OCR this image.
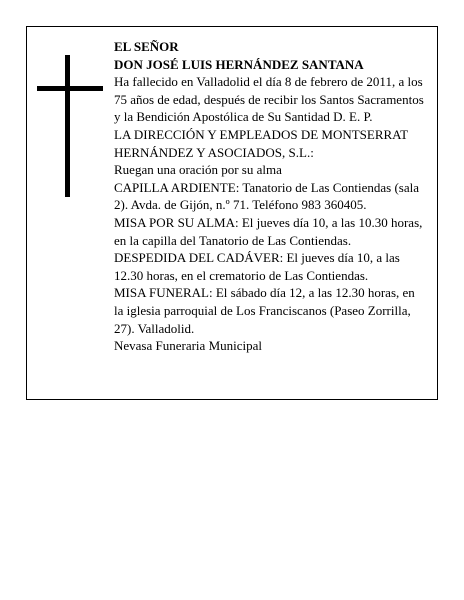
EL SEÑOR

DON JOSÉ LUIS HERNÁNDEZ SANTANA

Ha fallecido en Valladolid el día 8 de febrero de 2011, a los 75 años de edad, después de recibir los Santos Sacramentos y la Bendición Apostólica de Su Santidad D. E. P.

LA DIRECCIÓN Y EMPLEADOS DE MONTSERRAT HERNÁNDEZ Y ASOCIADOS, S.L.:

Ruegan una oración por su alma

CAPILLA ARDIENTE: Tanatorio de Las Contiendas (sala 2). Avda. de Gijón, n.º 71. Teléfono 983 360405.

MISA POR SU ALMA: El jueves día 10, a las 10.30 horas, en la capilla del Tanatorio de Las Contiendas.

DESPEDIDA DEL CADÁVER: El jueves día 10, a las 12.30 horas, en el crematorio de Las Contiendas.

MISA FUNERAL: El sábado día 12, a las 12.30 horas, en la iglesia parroquial de Los Franciscanos (Paseo Zorrilla, 27). Valladolid.

Nevasa Funeraria Municipal
